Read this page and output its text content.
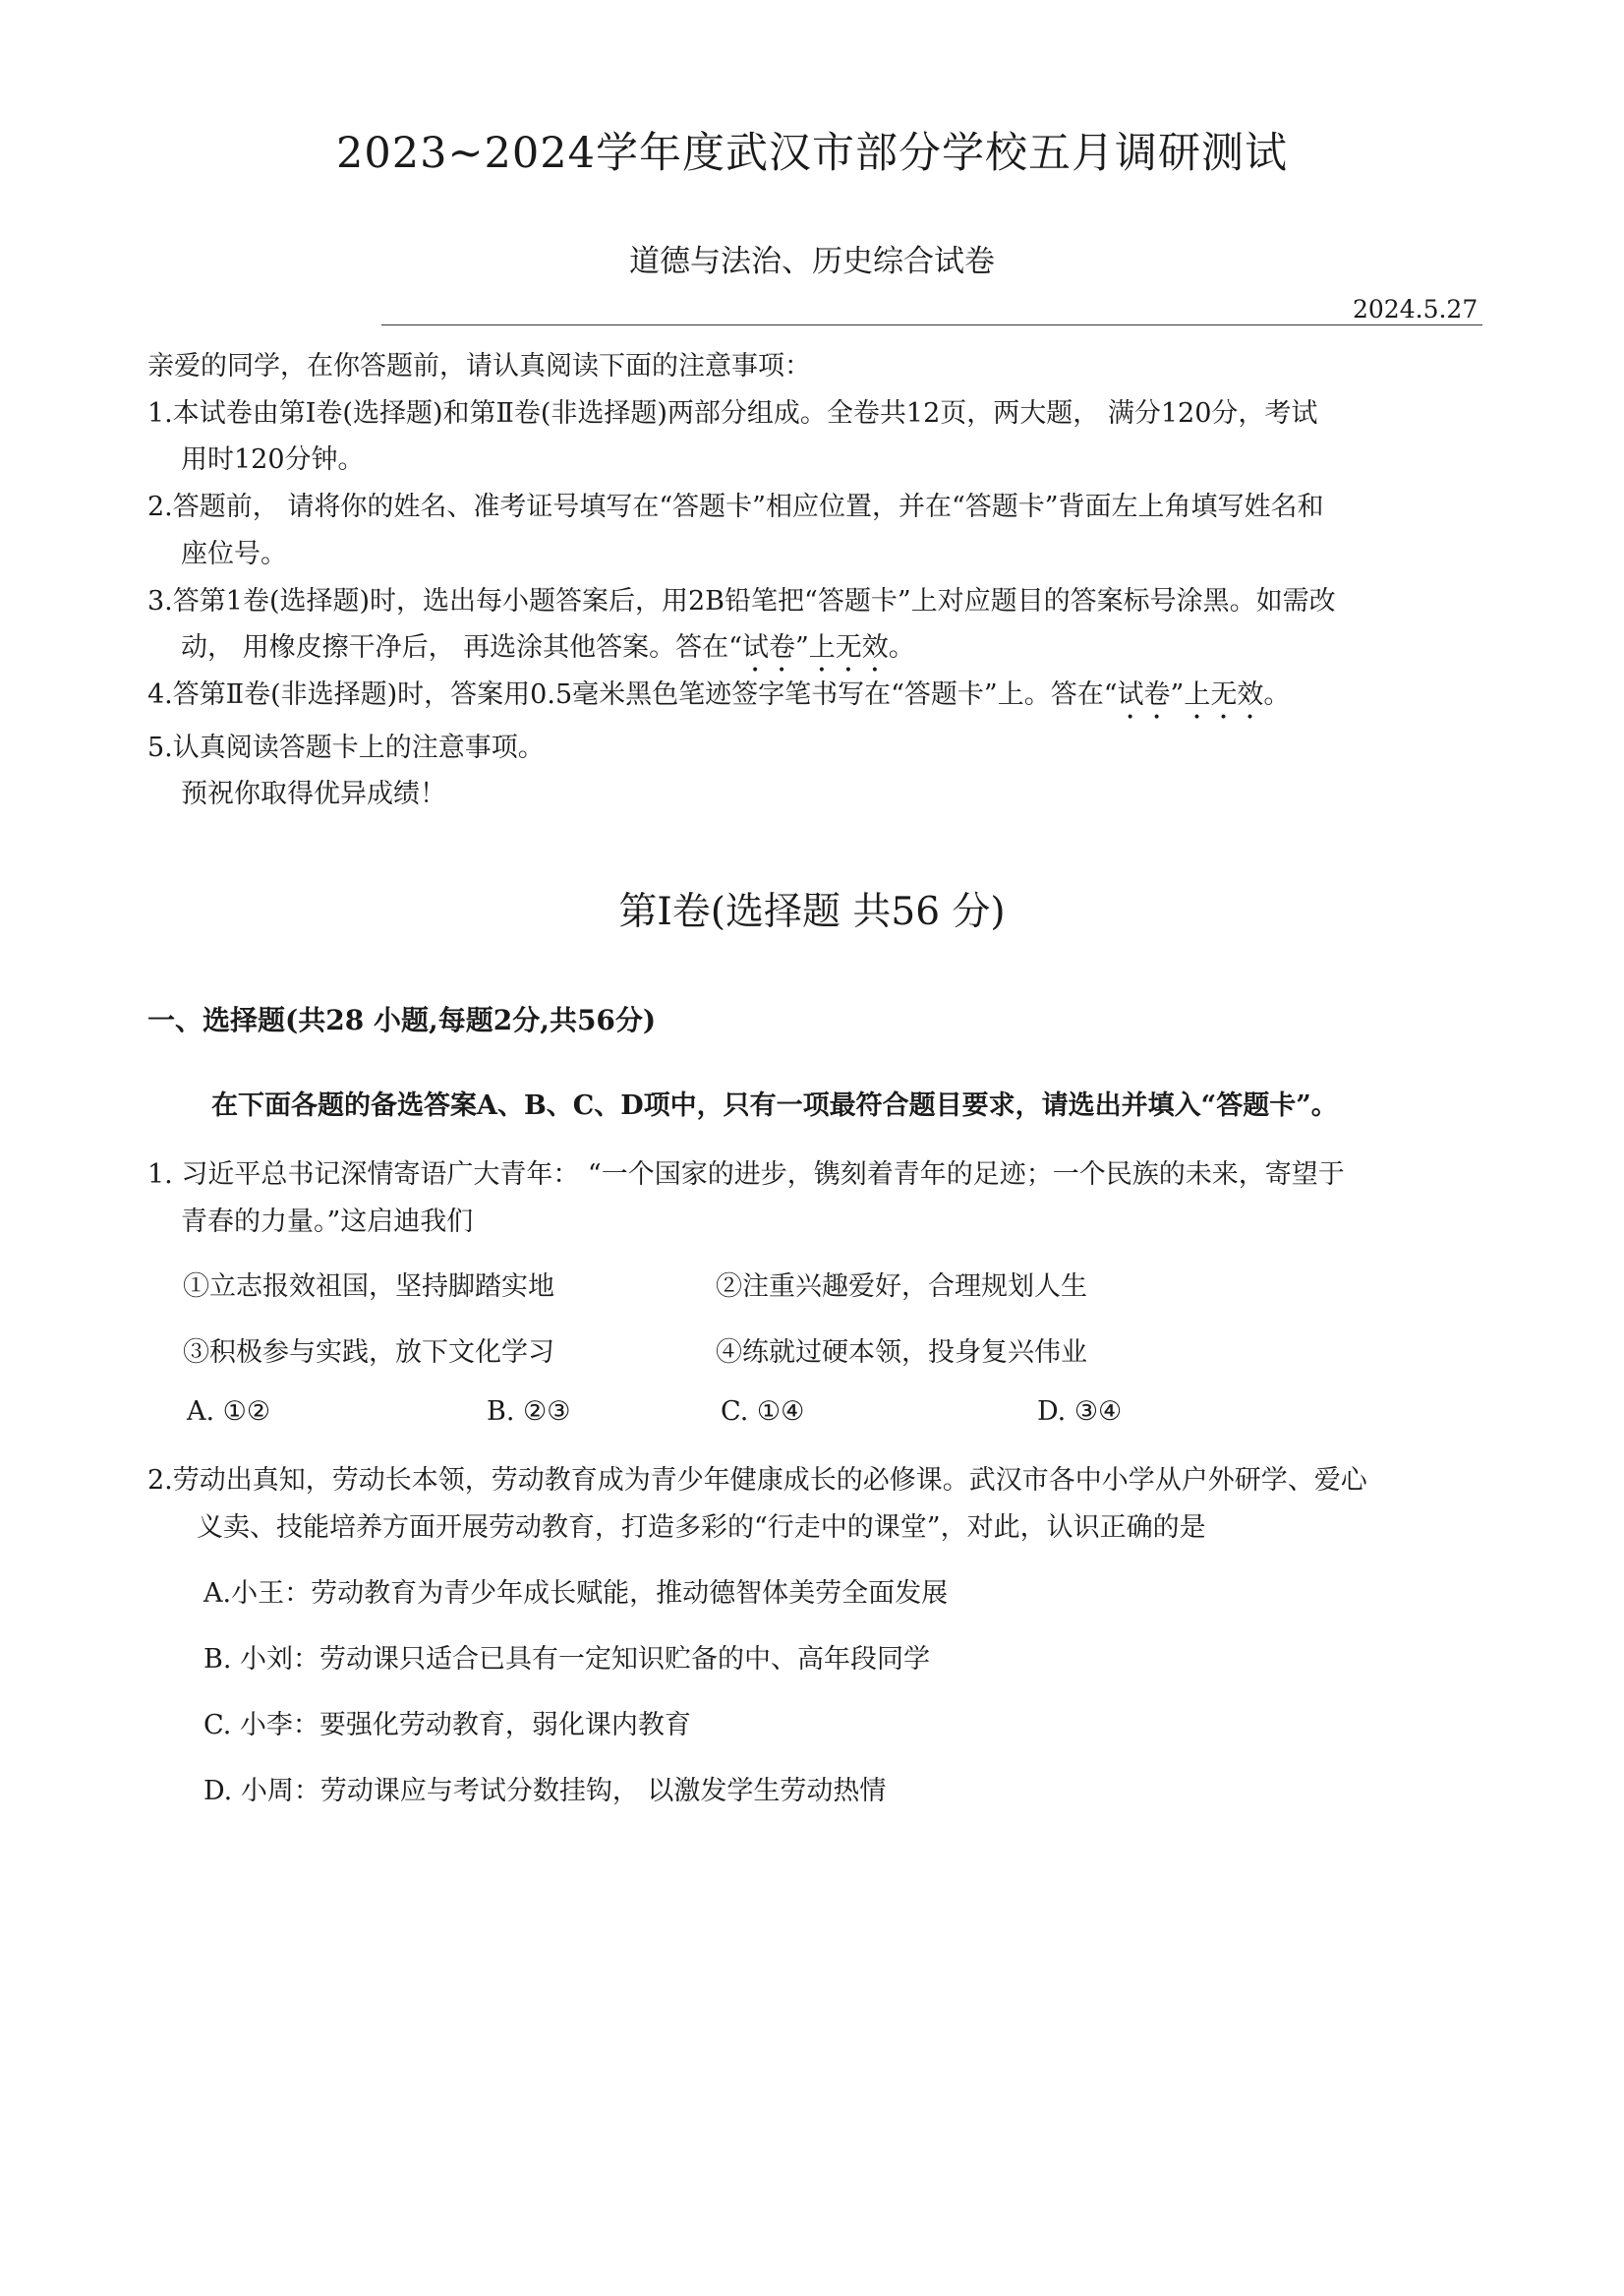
2023~2024学年度武汉市部分学校五月调研测试
道德与法治、历史综合试卷
2024.5.27
亲爱的同学，在你答题前，请认真阅读下面的注意事项：
1.本试卷由第Ⅰ卷(选择题)和第Ⅱ卷(非选择题)两部分组成。全卷共12页，两大题， 满分120分，考试
用时120分钟。
2.答题前， 请将你的姓名、准考证号填写在“答题卡”相应位置，并在“答题卡”背面左上角填写姓名和
座位号。
3.答第1卷(选择题)时，选出每小题答案后，用2B铅笔把“答题卡”上对应题目的答案标号涂黑。如需改
动， 用橡皮擦干净后， 再选涂其他答案。答在“试卷”上无效。
4.答第Ⅱ卷(非选择题)时，答案用0.5毫米黑色笔迹签字笔书写在“答题卡”上。答在“试卷”上无效。
5.认真阅读答题卡上的注意事项。
预祝你取得优异成绩！
第Ⅰ卷(选择题 共56 分)
一、选择题(共28 小题,每题2分,共56分)
在下面各题的备选答案A、B、C、D项中，只有一项最符合题目要求，请选出并填入“答题卡”。
1. 习近平总书记深情寄语广大青年： “一个国家的进步，镌刻着青年的足迹；一个民族的未来，寄望于
青春的力量。”这启迪我们
①立志报效祖国，坚持脚踏实地	②注重兴趣爱好，合理规划人生
③积极参与实践，放下文化学习	④练就过硬本领，投身复兴伟业
A. ①②	B. ②③	C. ①④	D. ③④
2.劳动出真知，劳动长本领，劳动教育成为青少年健康成长的必修课。武汉市各中小学从户外研学、爱心
义卖、技能培养方面开展劳动教育，打造多彩的“行走中的课堂”，对此，认识正确的是
A.小王：劳动教育为青少年成长赋能，推动德智体美劳全面发展
B. 小刘：劳动课只适合已具有一定知识贮备的中、高年段同学
C. 小李：要强化劳动教育，弱化课内教育
D. 小周：劳动课应与考试分数挂钩， 以激发学生劳动热情
